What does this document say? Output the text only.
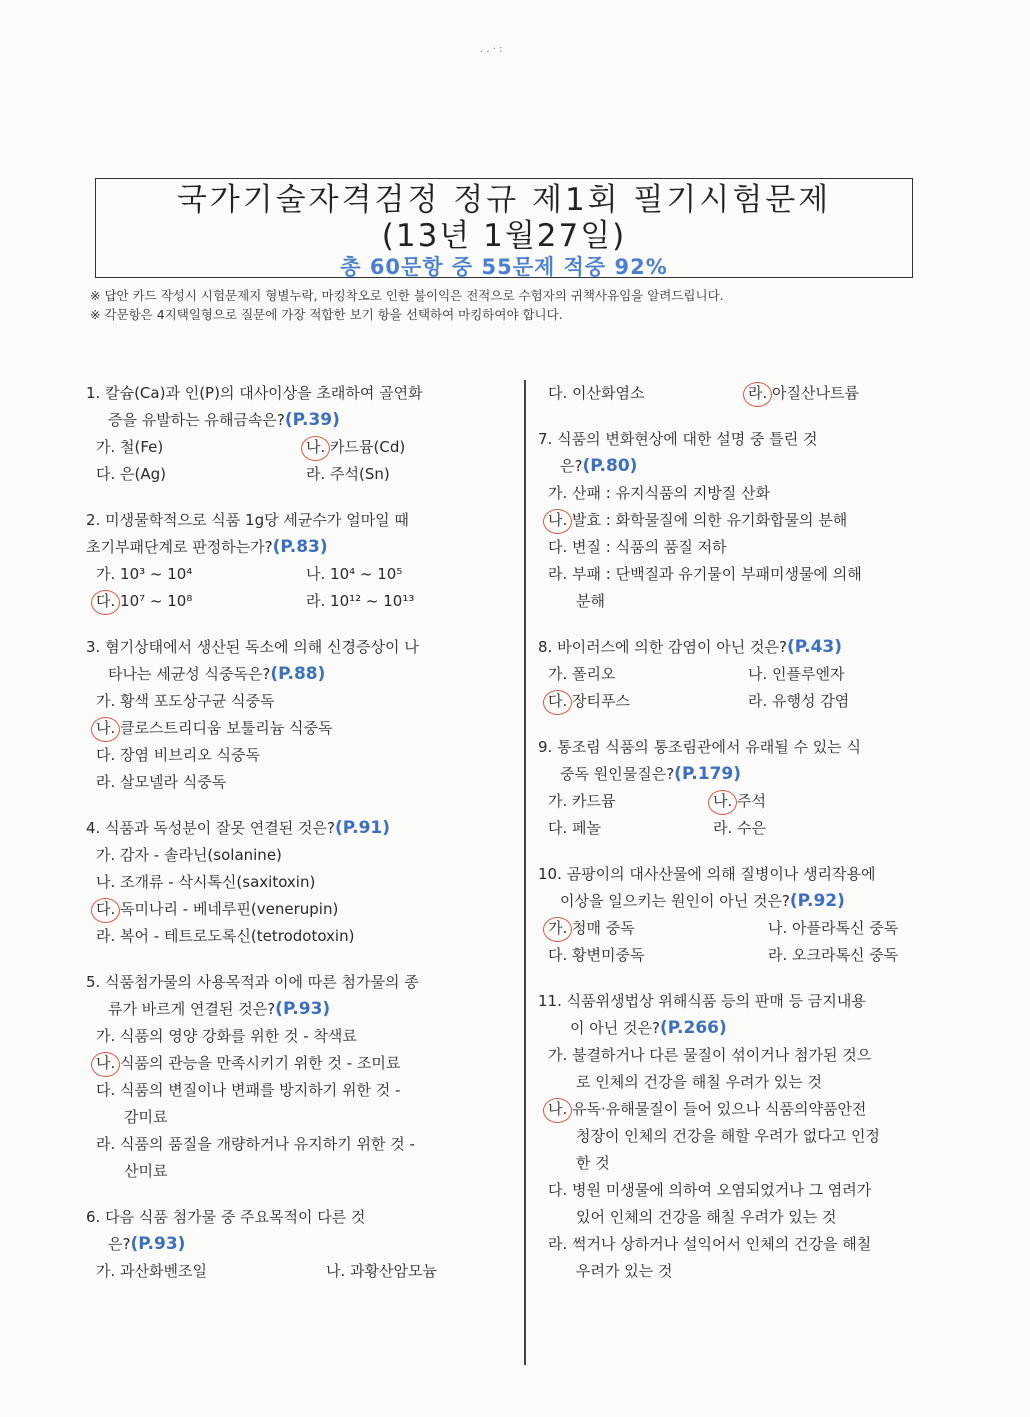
. . · :
국가기술자격검정 정규 제1회 필기시험문제
(13년 1월27일)
총 60문항 중 55문제 적중 92%
※ 답안 카드 작성시 시험문제지 형별누락, 마킹착오로 인한 불이익은 전적으로 수험자의 귀책사유임을 알려드립니다.
※ 각문항은 4지택일형으로 질문에 가장 적합한 보기 항을 선택하여 마킹하여야 합니다.
1. 칼슘(Ca)과 인(P)의 대사이상을 초래하여 골연화
증을 유발하는 유해금속은?(P.39)
가. 철(Fe)	나. 카드뮴(Cd)
다. 은(Ag)	라. 주석(Sn)
2. 미생물학적으로 식품 1g당 세균수가 얼마일 때
초기부패단계로 판정하는가?(P.83)
가. 10³ ~ 10⁴	나. 10⁴ ~ 10⁵
다. 10⁷ ~ 10⁸	라. 10¹² ~ 10¹³
3. 혐기상태에서 생산된 독소에 의해 신경증상이 나
타나는 세균성 식중독은?(P.88)
가. 황색 포도상구균 식중독
나. 클로스트리디움 보툴리늄 식중독
다. 장염 비브리오 식중독
라. 살모넬라 식중독
4. 식품과 독성분이 잘못 연결된 것은?(P.91)
가. 감자 - 솔라닌(solanine)
나. 조개류 - 삭시톡신(saxitoxin)
다. 독미나리 - 베네루핀(venerupin)
라. 복어 - 테트로도록신(tetrodotoxin)
5. 식품첨가물의 사용목적과 이에 따른 첨가물의 종
류가 바르게 연결된 것은?(P.93)
가. 식품의 영양 강화를 위한 것 - 착색료
나. 식품의 관능을 만족시키기 위한 것 - 조미료
다. 식품의 변질이나 변패를 방지하기 위한 것 -
감미료
라. 식품의 품질을 개량하거나 유지하기 위한 것 -
산미료
6. 다음 식품 첨가물 중 주요목적이 다른 것
은?(P.93)
가. 과산화벤조일	나. 과황산암모늄
다. 이산화염소	라. 아질산나트륨
7. 식품의 변화현상에 대한 설명 중 틀린 것
은?(P.80)
가. 산패 : 유지식품의 지방질 산화
나. 발효 : 화학물질에 의한 유기화합물의 분해
다. 변질 : 식품의 품질 저하
라. 부패 : 단백질과 유기물이 부패미생물에 의해
분해
8. 바이러스에 의한 감염이 아닌 것은?(P.43)
가. 폴리오	나. 인플루엔자
다. 장티푸스	라. 유행성 감염
9. 통조림 식품의 통조림관에서 유래될 수 있는 식
중독 원인물질은?(P.179)
가. 카드뮴	나. 주석
다. 페놀	라. 수은
10. 곰팡이의 대사산물에 의해 질병이나 생리작용에
이상을 일으키는 원인이 아닌 것은?(P.92)
가. 청매 중독	나. 아플라톡신 중독
다. 황변미중독	라. 오크라톡신 중독
11. 식품위생법상 위해식품 등의 판매 등 금지내용
이 아닌 것은?(P.266)
가. 불결하거나 다른 물질이 섞이거나 첨가된 것으
로 인체의 건강을 해칠 우려가 있는 것
나. 유독·유해물질이 들어 있으나 식품의약품안전
청장이 인체의 건강을 해할 우려가 없다고 인정
한 것
다. 병원 미생물에 의하여 오염되었거나 그 염려가
있어 인체의 건강을 해칠 우려가 있는 것
라. 썩거나 상하거나 설익어서 인체의 건강을 해칠
우려가 있는 것
